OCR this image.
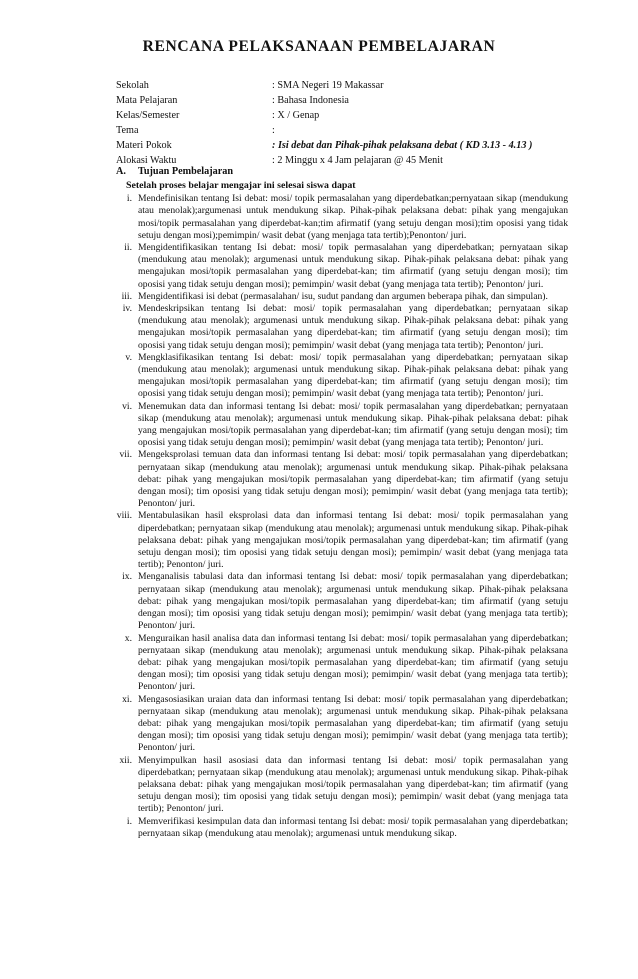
RENCANA PELAKSANAAN PEMBELAJARAN
Sekolah	: SMA Negeri 19 Makassar
Mata Pelajaran	: Bahasa Indonesia
Kelas/Semester	: X / Genap
Tema	:
Materi Pokok	: Isi debat dan Pihak-pihak pelaksana debat ( KD 3.13 - 4.13 )
Alokasi Waktu	: 2 Minggu x 4 Jam pelajaran @ 45 Menit
A. Tujuan Pembelajaran
Setelah proses belajar mengajar ini selesai siswa dapat
i. Mendefinisikan tentang Isi debat: mosi/ topik permasalahan yang diperdebatkan;pernyataan sikap (mendukung atau menolak);argumenasi untuk mendukung sikap. Pihak-pihak pelaksana debat: pihak yang mengajukan mosi/topik permasalahan yang diperdebat-kan;tim afirmatif (yang setuju dengan mosi);tim oposisi yang tidak setuju dengan mosi);pemimpin/ wasit debat (yang menjaga tata tertib);Penonton/ juri.
ii. Mengidentifikasikan tentang Isi debat: mosi/ topik permasalahan yang diperdebatkan; pernyataan sikap (mendukung atau menolak); argumenasi untuk mendukung sikap. Pihak-pihak pelaksana debat: pihak yang mengajukan mosi/topik permasalahan yang diperdebat-kan; tim afirmatif (yang setuju dengan mosi); tim oposisi yang tidak setuju dengan mosi); pemimpin/ wasit debat (yang menjaga tata tertib); Penonton/ juri.
iii. Mengidentifikasi isi debat (permasalahan/ isu, sudut pandang dan argumen beberapa pihak, dan simpulan).
iv. Mendeskripsikan tentang Isi debat: mosi/ topik permasalahan yang diperdebatkan; pernyataan sikap (mendukung atau menolak); argumenasi untuk mendukung sikap. Pihak-pihak pelaksana debat: pihak yang mengajukan mosi/topik permasalahan yang diperdebat-kan; tim afirmatif (yang setuju dengan mosi); tim oposisi yang tidak setuju dengan mosi); pemimpin/ wasit debat (yang menjaga tata tertib); Penonton/ juri.
v. Mengklasifikasikan tentang Isi debat: mosi/ topik permasalahan yang diperdebatkan; pernyataan sikap (mendukung atau menolak); argumenasi untuk mendukung sikap. Pihak-pihak pelaksana debat: pihak yang mengajukan mosi/topik permasalahan yang diperdebat-kan; tim afirmatif (yang setuju dengan mosi); tim oposisi yang tidak setuju dengan mosi); pemimpin/ wasit debat (yang menjaga tata tertib); Penonton/ juri.
vi. Menemukan data dan informasi tentang Isi debat: mosi/ topik permasalahan yang diperdebatkan; pernyataan sikap (mendukung atau menolak); argumenasi untuk mendukung sikap. Pihak-pihak pelaksana debat: pihak yang mengajukan mosi/topik permasalahan yang diperdebat-kan; tim afirmatif (yang setuju dengan mosi); tim oposisi yang tidak setuju dengan mosi); pemimpin/ wasit debat (yang menjaga tata tertib); Penonton/ juri.
vii. Mengeksprolasi temuan data dan informasi tentang Isi debat: mosi/ topik permasalahan yang diperdebatkan; pernyataan sikap (mendukung atau menolak); argumenasi untuk mendukung sikap. Pihak-pihak pelaksana debat: pihak yang mengajukan mosi/topik permasalahan yang diperdebat-kan; tim afirmatif (yang setuju dengan mosi); tim oposisi yang tidak setuju dengan mosi); pemimpin/ wasit debat (yang menjaga tata tertib); Penonton/ juri.
viii. Mentabulasikan hasil eksprolasi data dan informasi tentang Isi debat: mosi/ topik permasalahan yang diperdebatkan; pernyataan sikap (mendukung atau menolak); argumenasi untuk mendukung sikap. Pihak-pihak pelaksana debat: pihak yang mengajukan mosi/topik permasalahan yang diperdebat-kan; tim afirmatif (yang setuju dengan mosi); tim oposisi yang tidak setuju dengan mosi); pemimpin/ wasit debat (yang menjaga tata tertib); Penonton/ juri.
ix. Menganalisis tabulasi data dan informasi tentang Isi debat: mosi/ topik permasalahan yang diperdebatkan; pernyataan sikap (mendukung atau menolak); argumenasi untuk mendukung sikap. Pihak-pihak pelaksana debat: pihak yang mengajukan mosi/topik permasalahan yang diperdebat-kan; tim afirmatif (yang setuju dengan mosi); tim oposisi yang tidak setuju dengan mosi); pemimpin/ wasit debat (yang menjaga tata tertib); Penonton/ juri.
x. Menguraikan hasil analisa data dan informasi tentang Isi debat: mosi/ topik permasalahan yang diperdebatkan; pernyataan sikap (mendukung atau menolak); argumenasi untuk mendukung sikap. Pihak-pihak pelaksana debat: pihak yang mengajukan mosi/topik permasalahan yang diperdebat-kan; tim afirmatif (yang setuju dengan mosi); tim oposisi yang tidak setuju dengan mosi); pemimpin/ wasit debat (yang menjaga tata tertib); Penonton/ juri.
xi. Mengasosiasikan uraian data dan informasi tentang Isi debat: mosi/ topik permasalahan yang diperdebatkan; pernyataan sikap (mendukung atau menolak); argumenasi untuk mendukung sikap. Pihak-pihak pelaksana debat: pihak yang mengajukan mosi/topik permasalahan yang diperdebat-kan; tim afirmatif (yang setuju dengan mosi); tim oposisi yang tidak setuju dengan mosi); pemimpin/ wasit debat (yang menjaga tata tertib); Penonton/ juri.
xii. Menyimpulkan hasil asosiasi data dan informasi tentang Isi debat: mosi/ topik permasalahan yang diperdebatkan; pernyataan sikap (mendukung atau menolak); argumenasi untuk mendukung sikap. Pihak-pihak pelaksana debat: pihak yang mengajukan mosi/topik permasalahan yang diperdebat-kan; tim afirmatif (yang setuju dengan mosi); tim oposisi yang tidak setuju dengan mosi); pemimpin/ wasit debat (yang menjaga tata tertib); Penonton/ juri.
i. Memverifikasi kesimpulan data dan informasi tentang Isi debat: mosi/ topik permasalahan yang diperdebatkan; pernyataan sikap (mendukung atau menolak); argumenasi untuk mendukung sikap.
